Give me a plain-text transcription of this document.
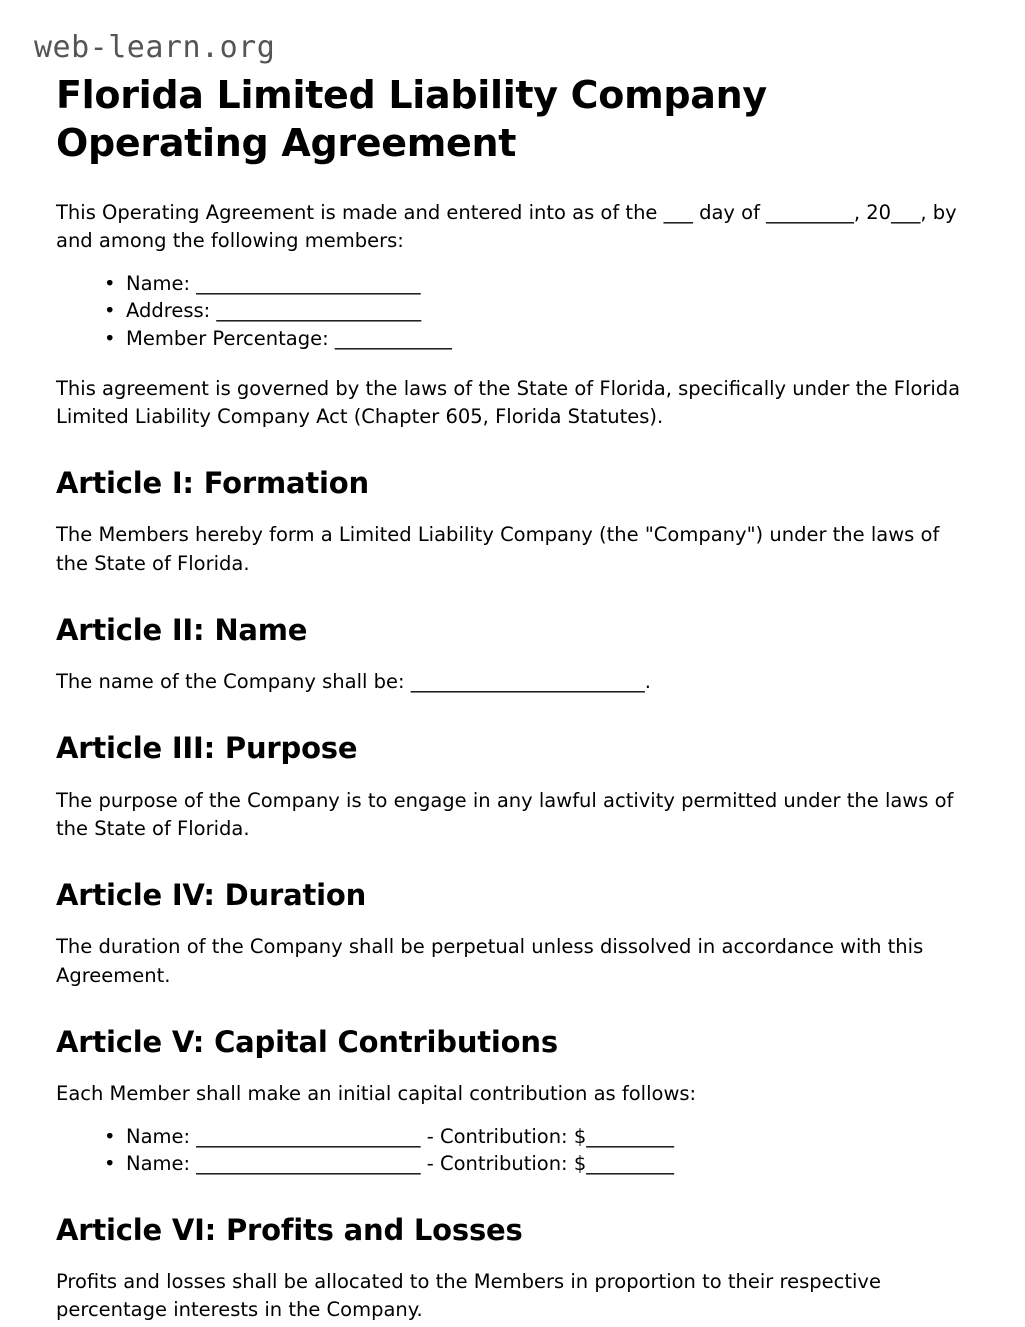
web-learn.org
Florida Limited Liability Company Operating Agreement

This Operating Agreement is made and entered into as of the ___ day of _________, 20___, by and among the following members:

• Name: _______________________
• Address: _____________________
• Member Percentage: ____________

This agreement is governed by the laws of the State of Florida, specifically under the Florida Limited Liability Company Act (Chapter 605, Florida Statutes).

Article I: Formation

The Members hereby form a Limited Liability Company (the "Company") under the laws of the State of Florida.

Article II: Name

The name of the Company shall be: ________________________.

Article III: Purpose

The purpose of the Company is to engage in any lawful activity permitted under the laws of the State of Florida.

Article IV: Duration

The duration of the Company shall be perpetual unless dissolved in accordance with this Agreement.

Article V: Capital Contributions

Each Member shall make an initial capital contribution as follows:

• Name: _______________________ - Contribution: $_________
• Name: _______________________ - Contribution: $_________
Article VI: Profits and Losses

Profits and losses shall be allocated to the Members in proportion to their respective percentage interests in the Company.
